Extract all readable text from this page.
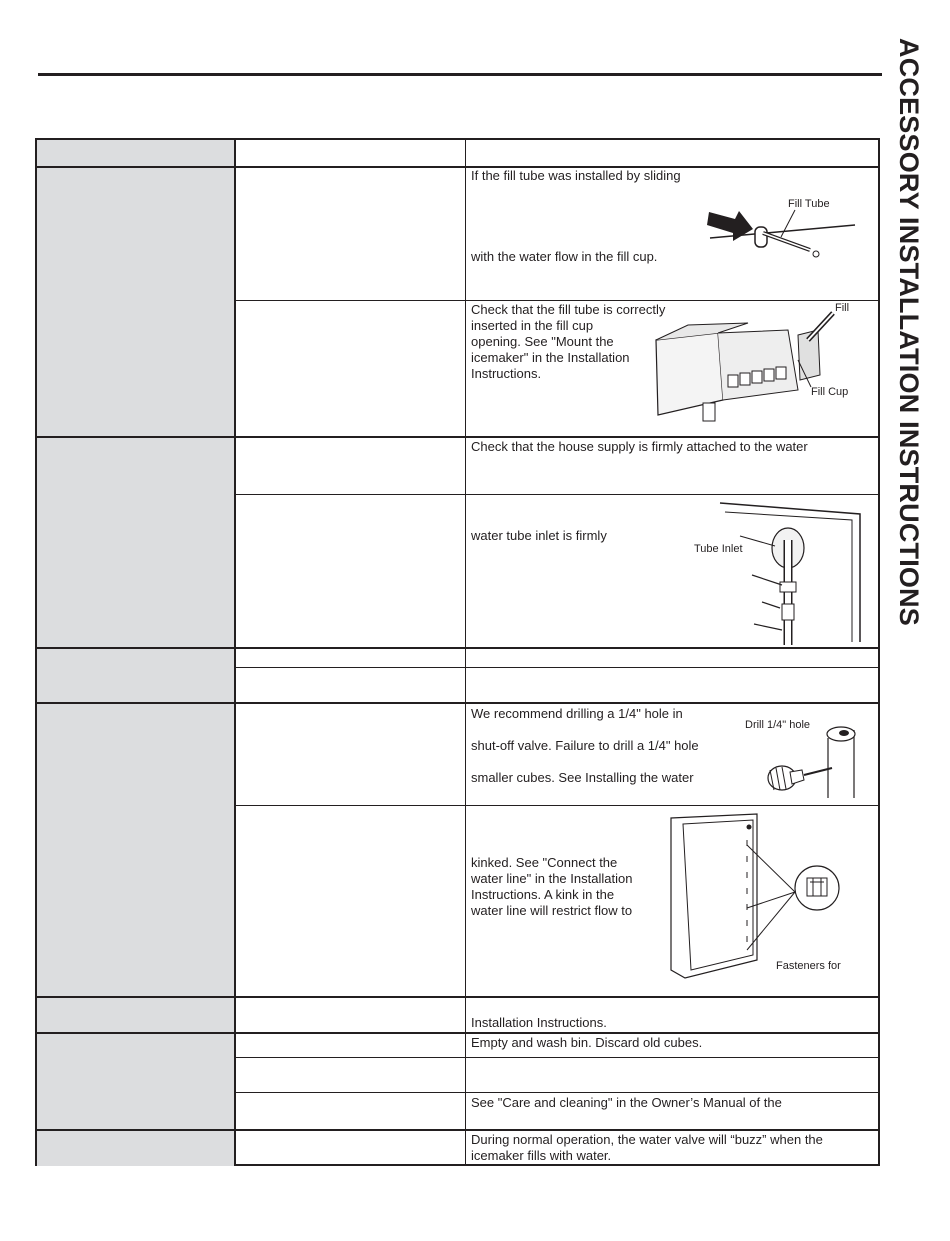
ACCESSORY INSTALLATION INSTRUCTIONS
If the fill tube was installed by sliding
with the water flow in the fill cup.
Fill Tube
Check that the fill tube is correctly
inserted in the fill cup
opening. See "Mount the
icemaker" in the Installation
Instructions.
Fill
Fill Cup
Check that the house supply is firmly attached to the water
water tube inlet is firmly
Tube Inlet
We recommend drilling a 1/4" hole in
shut-off valve. Failure to drill a 1/4" hole
smaller cubes. See Installing the water
Drill 1/4" hole
kinked. See "Connect the
water line" in the Installation
Instructions. A kink in the
water line will restrict flow to
Fasteners for
Installation Instructions.
Empty and wash bin. Discard old cubes.
See "Care and cleaning" in the Owner’s Manual of the
During normal operation, the water valve will “buzz” when the
icemaker fills with water.
